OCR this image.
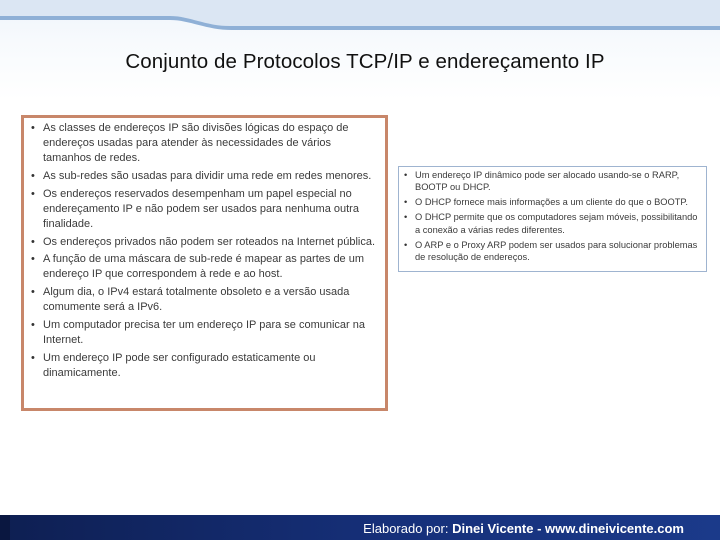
Conjunto de Protocolos TCP/IP e endereçamento IP
• As classes de endereços IP são divisões lógicas do espaço de endereços usadas para atender às necessidades de vários tamanhos de redes.
• As sub-redes são usadas para dividir uma rede em redes menores.
• Os endereços reservados desempenham um papel especial no endereçamento IP e não podem ser usados para nenhuma outra finalidade.
• Os endereços privados não podem ser roteados na Internet pública.
• A função de uma máscara de sub-rede é mapear as partes de um endereço IP que correspondem à rede e ao host.
• Algum dia, o IPv4 estará totalmente obsoleto e a versão usada comumente será a IPv6.
• Um computador precisa ter um endereço IP para se comunicar na Internet.
• Um endereço IP pode ser configurado estaticamente ou dinamicamente.
• Um endereço IP dinâmico pode ser alocado usando-se o RARP, BOOTP ou DHCP.
• O DHCP fornece mais informações a um cliente do que o BOOTP.
• O DHCP permite que os computadores sejam móveis, possibilitando a conexão a várias redes diferentes.
• O ARP e o Proxy ARP podem ser usados para solucionar problemas de resolução de endereços.
Elaborado por: Dinei Vicente - www.dineivicente.com
